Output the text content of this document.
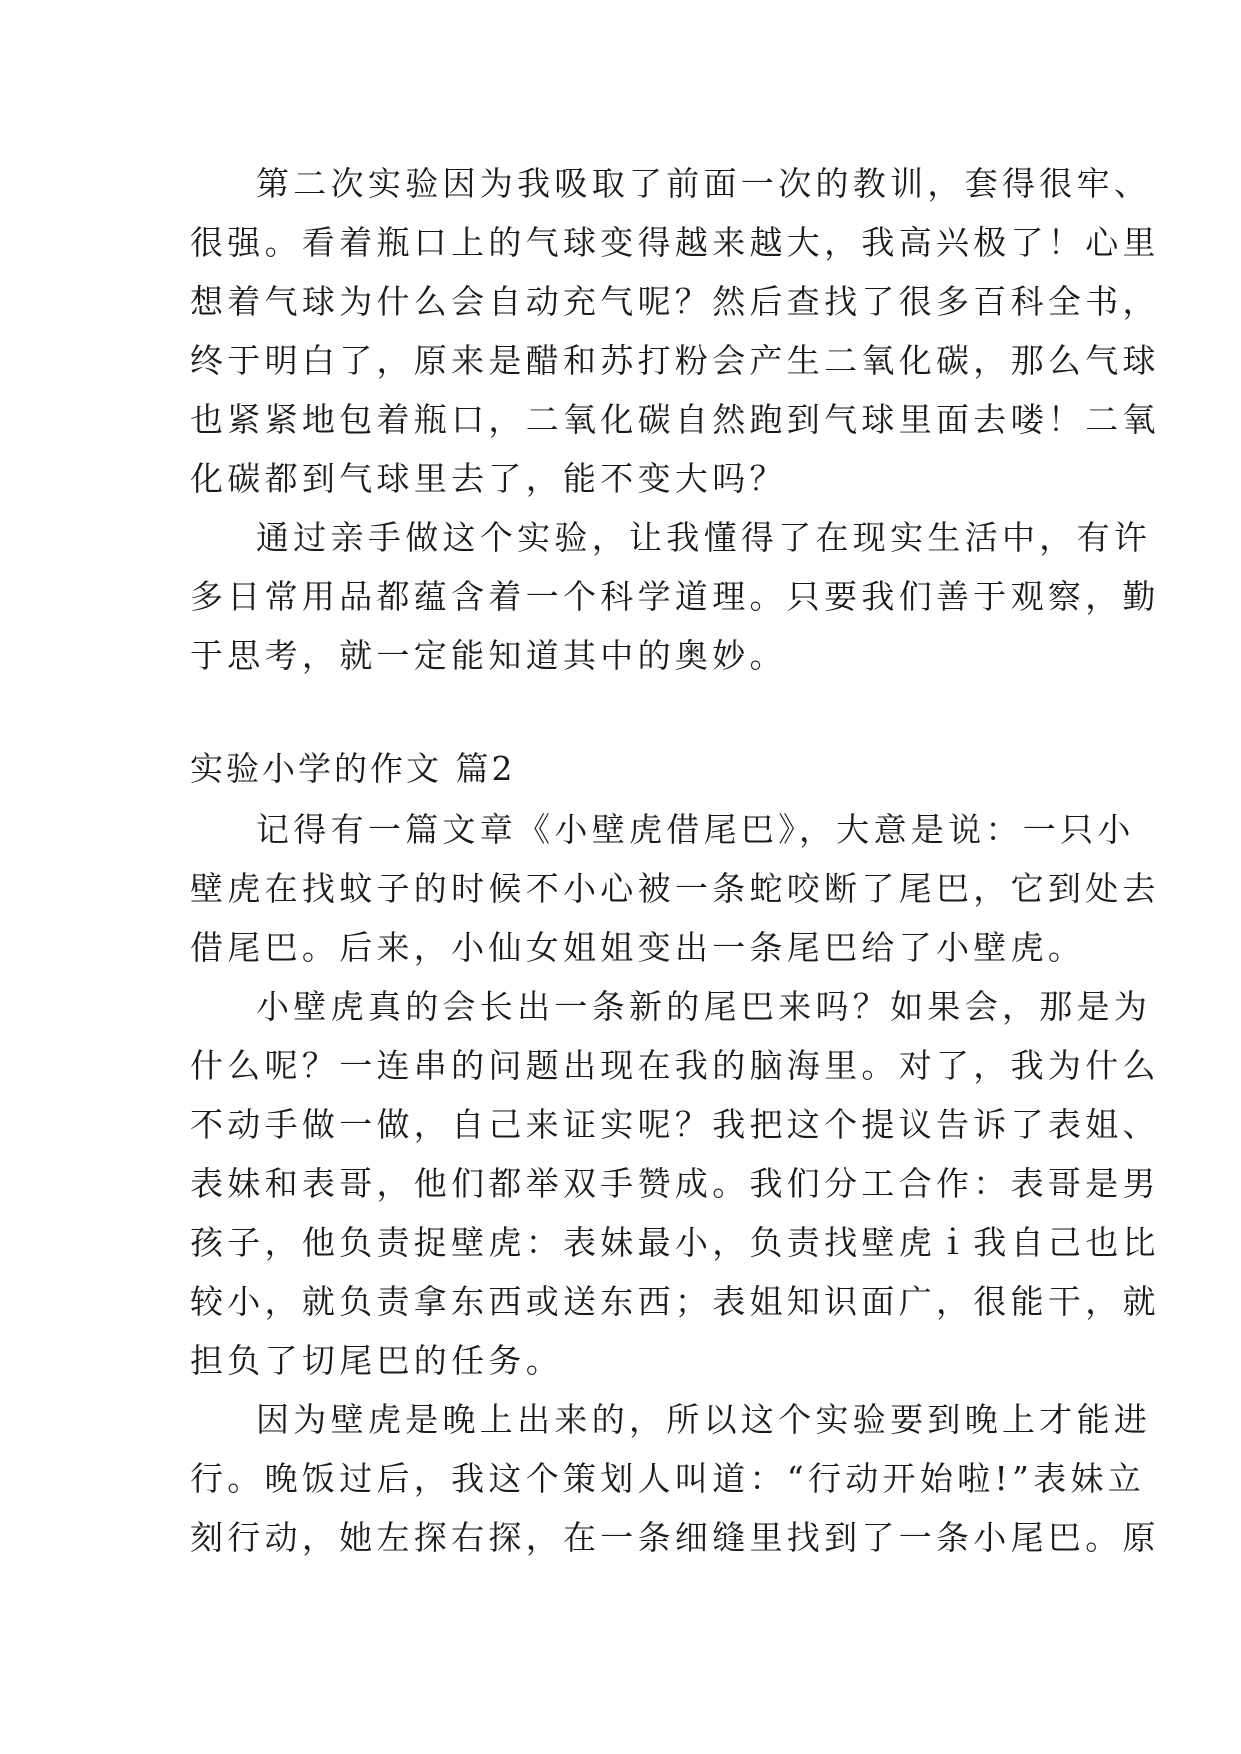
第二次实验因为我吸取了前面一次的教训，套得很牢、
很强。看着瓶口上的气球变得越来越大，我高兴极了！心里
想着气球为什么会自动充气呢？然后查找了很多百科全书，
终于明白了，原来是醋和苏打粉会产生二氧化碳，那么气球
也紧紧地包着瓶口，二氧化碳自然跑到气球里面去喽！二氧
化碳都到气球里去了，能不变大吗？
通过亲手做这个实验，让我懂得了在现实生活中，有许
多日常用品都蕴含着一个科学道理。只要我们善于观察，勤
于思考，就一定能知道其中的奥妙。
实验小学的作文 篇2
记得有一篇文章《小壁虎借尾巴》，大意是说：一只小
壁虎在找蚊子的时候不小心被一条蛇咬断了尾巴，它到处去
借尾巴。后来，小仙女姐姐变出一条尾巴给了小壁虎。
小壁虎真的会长出一条新的尾巴来吗？如果会，那是为
什么呢？一连串的问题出现在我的脑海里。对了，我为什么
不动手做一做，自己来证实呢？我把这个提议告诉了表姐、
表妹和表哥，他们都举双手赞成。我们分工合作：表哥是男
孩子，他负责捉壁虎：表妹最小，负责找壁虎ｉ我自己也比
较小，就负责拿东西或送东西；表姐知识面广，很能干，就
担负了切尾巴的任务。
因为壁虎是晚上出来的，所以这个实验要到晚上才能进
行。晚饭过后，我这个策划人叫道：“行动开始啦!”表妹立
刻行动，她左探右探，在一条细缝里找到了一条小尾巴。原
